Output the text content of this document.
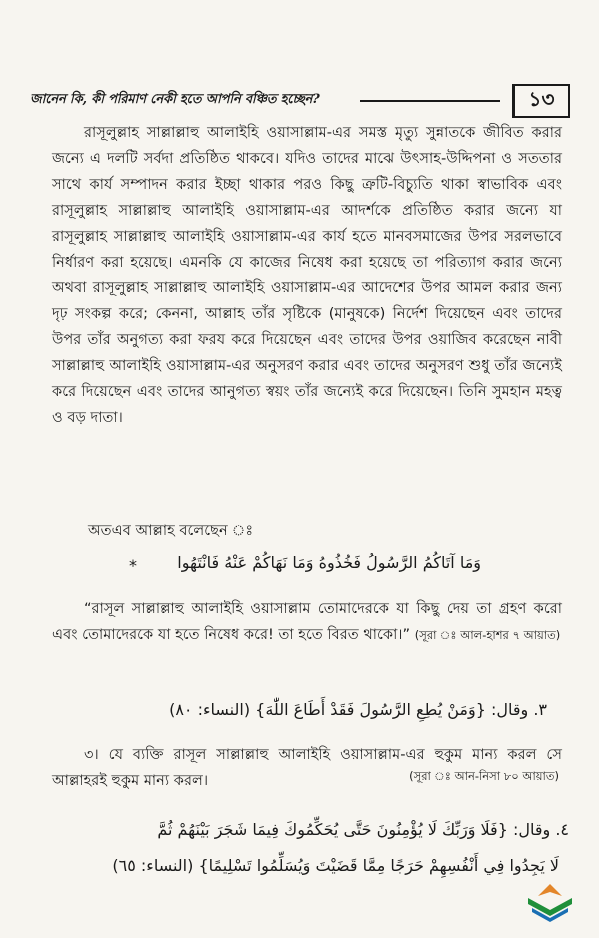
জানেন কি, কী পরিমাণ নেকী হতে আপনি বঞ্চিত হচ্ছেন?	১৩
রাসূলুল্লাহ সাল্লাল্লাহু আলাইহি ওয়াসাল্লাম-এর সমস্ত মৃত্যু সুন্নাতকে জীবিত করার জন্যে এ দলটি সর্বদা প্রতিষ্ঠিত থাকবে। যদিও তাদের মাঝে উৎসাহ-উদ্দিপনা ও সততার সাথে কার্য সম্পাদন করার ইচ্ছা থাকার পরও কিছু ত্রুটি-বিচ্যুতি থাকা স্বাভাবিক এবং রাসূলুল্লাহ সাল্লাল্লাহু আলাইহি ওয়াসাল্লাম-এর আদর্শকে প্রতিষ্ঠিত করার জন্যে যা রাসূলুল্লাহ সাল্লাল্লাহু আলাইহি ওয়াসাল্লাম-এর কার্য হতে মানবসমাজের উপর সরলভাবে নির্ধারণ করা হয়েছে। এমনকি যে কাজের নিষেধ করা হয়েছে তা পরিত্যাগ করার জন্যে অথবা রাসূলুল্লাহ সাল্লাল্লাহু আলাইহি ওয়াসাল্লাম-এর আদেশের উপর আমল করার জন্য দৃঢ় সংকল্প করে; কেননা, আল্লাহ তাঁর সৃষ্টিকে (মানুষকে) নির্দেশ দিয়েছেন এবং তাদের উপর তাঁর অনুগত্য করা ফরয করে দিয়েছেন এবং তাদের উপর ওয়াজিব করেছেন নাবী সাল্লাল্লাহু আলাইহি ওয়াসাল্লাম-এর অনুসরণ করার এবং তাদের অনুসরণ শুধু তাঁর জন্যেই করে দিয়েছেন এবং তাদের আনুগত্য স্বয়ং তাঁর জন্যেই করে দিয়েছেন। তিনি সুমহান মহত্ব ও বড় দাতা।
অতএব আল্লাহ বলেছেন ঃ
وَمَا آتَاكُمُ الرَّسُولُ فَخُذُوهُ وَمَا نَهَاكُمْ عَنْهُ فَانْتَهُوا
*
“রাসূল সাল্লাল্লাহু আলাইহি ওয়াসাল্লাম তোমাদেরকে যা কিছু দেয় তা গ্রহণ করো এবং তোমাদেরকে যা হতে নিষেধ করে! তা হতে বিরত থাকো।” (সূরা ঃ আল-হাশর ৭ আয়াত)
٣. وقال: {وَمَنْ يُطِعِ الرَّسُولَ فَقَدْ أَطَاعَ اللّٰهَ} (النساء: ٨٠)
৩। যে ব্যক্তি রাসূল সাল্লাল্লাহু আলাইহি ওয়াসাল্লাম-এর হুকুম মান্য করল সে আল্লাহরই হুকুম মান্য করল।	(সূরা ঃ আন-নিসা ৮০ আয়াত)
٤. وقال: {فَلَا وَرَبِّكَ لَا يُؤْمِنُونَ حَتَّى يُحَكِّمُوكَ فِيمَا شَجَرَ بَيْنَهُمْ ثُمَّ
لَا يَجِدُوا فِي أَنْفُسِهِمْ حَرَجًا مِمَّا قَضَيْتَ وَيُسَلِّمُوا تَسْلِيمًا} (النساء: ٦٥)
